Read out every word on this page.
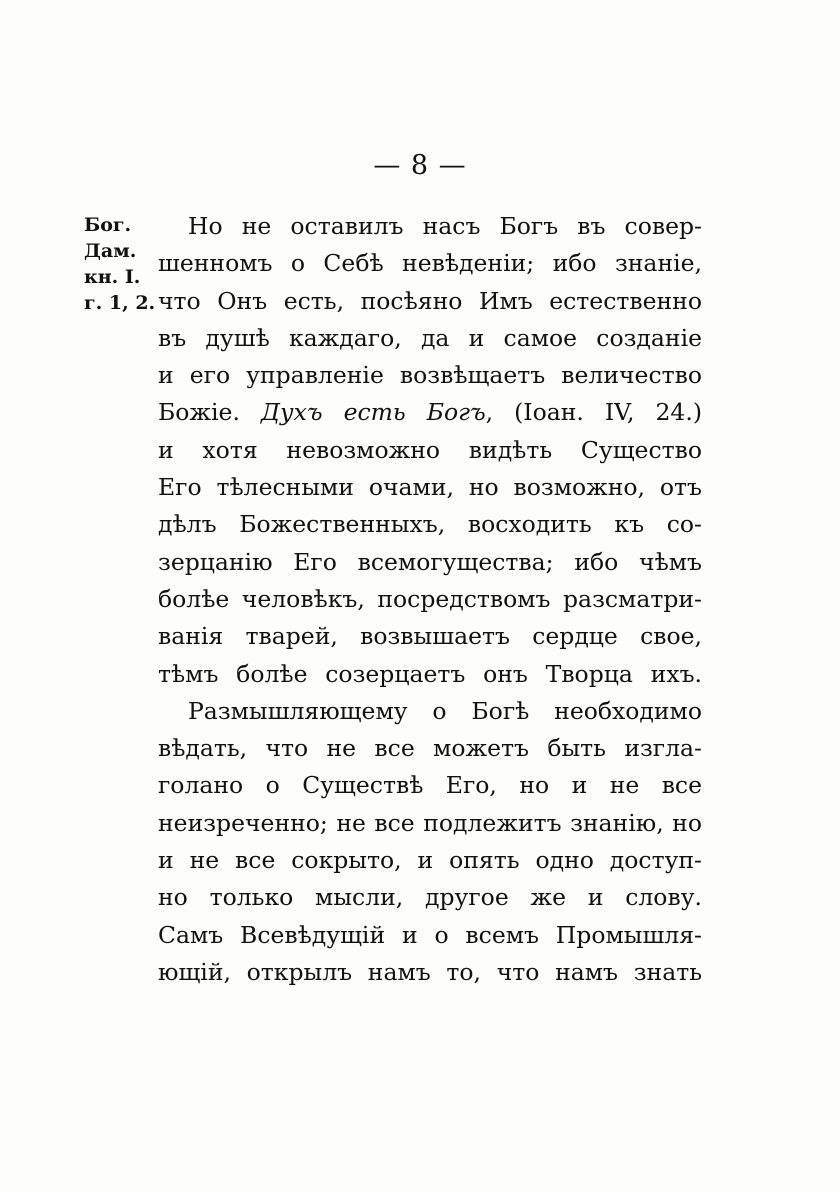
— 8 —
Бог.
Дам.
кн. I.
г. 1, 2.

Но не оставилъ насъ Богъ въ совер-
шенномъ о Себѣ невѣденіи; ибо знаніе,
что Онъ есть, посѣяно Имъ естественно
въ душѣ каждаго, да и самое созданіе
и его управленіе возвѣщаетъ величество
Божіе. Духъ есть Богъ, (Іоан. IV, 24.)
и хотя невозможно видѣть Существо
Его тѣлесными очами, но возможно, отъ
дѣлъ Божественныхъ, восходить къ со-
зерцанію Его всемогущества; ибо чѣмъ
болѣе человѣкъ, посредствомъ разсматри-
ванія тварей, возвышаетъ сердце свое,
тѣмъ болѣе созерцаетъ онъ Творца ихъ.

Размышляющему о Богѣ необходимо
вѣдать, что не все можетъ быть изгла-
голано о Существѣ Его, но и не все
неизреченно; не все подлежитъ знанію, но
и не все сокрыто, и опять одно доступ-
но только мысли, другое же и слову.
Самъ Всевѣдущій и о всемъ Промышля-
ющій, открылъ намъ то, что намъ знать
